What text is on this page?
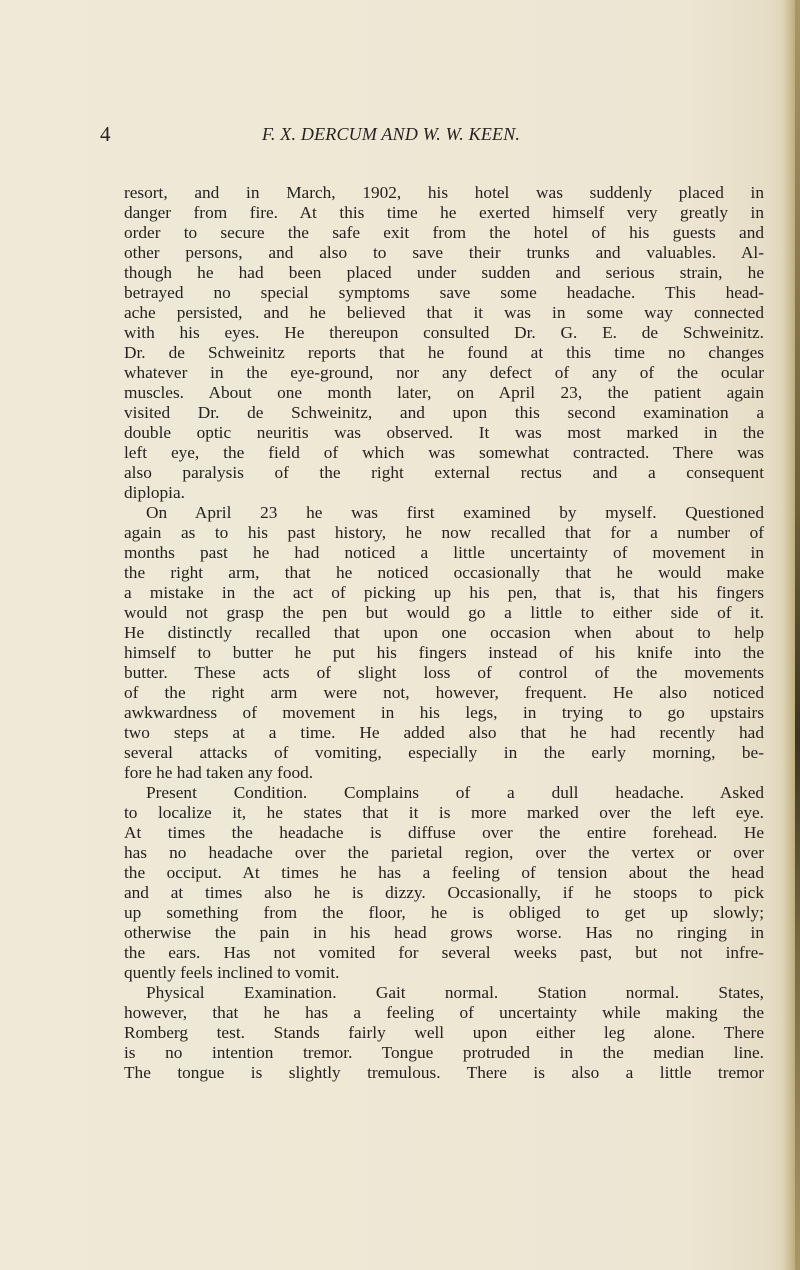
4	F. X. DERCUM AND W. W. KEEN.
resort, and in March, 1902, his hotel was suddenly placed in
danger from fire. At this time he exerted himself very greatly in
order to secure the safe exit from the hotel of his guests and
other persons, and also to save their trunks and valuables. Al-
though he had been placed under sudden and serious strain, he
betrayed no special symptoms save some headache. This head-
ache persisted, and he believed that it was in some way connected
with his eyes. He thereupon consulted Dr. G. E. de Schweinitz.
Dr. de Schweinitz reports that he found at this time no changes
whatever in the eye-ground, nor any defect of any of the ocular
muscles. About one month later, on April 23, the patient again
visited Dr. de Schweinitz, and upon this second examination a
double optic neuritis was observed. It was most marked in the
left eye, the field of which was somewhat contracted. There was
also paralysis of the right external rectus and a consequent
diplopia.
On April 23 he was first examined by myself. Questioned
again as to his past history, he now recalled that for a number of
months past he had noticed a little uncertainty of movement in
the right arm, that he noticed occasionally that he would make
a mistake in the act of picking up his pen, that is, that his fingers
would not grasp the pen but would go a little to either side of it.
He distinctly recalled that upon one occasion when about to help
himself to butter he put his fingers instead of his knife into the
butter. These acts of slight loss of control of the movements
of the right arm were not, however, frequent. He also noticed
awkwardness of movement in his legs, in trying to go upstairs
two steps at a time. He added also that he had recently had
several attacks of vomiting, especially in the early morning, be-
fore he had taken any food.
Present Condition. Complains of a dull headache. Asked
to localize it, he states that it is more marked over the left eye.
At times the headache is diffuse over the entire forehead. He
has no headache over the parietal region, over the vertex or over
the occiput. At times he has a feeling of tension about the head
and at times also he is dizzy. Occasionally, if he stoops to pick
up something from the floor, he is obliged to get up slowly;
otherwise the pain in his head grows worse. Has no ringing in
the ears. Has not vomited for several weeks past, but not infre-
quently feels inclined to vomit.
Physical Examination. Gait normal. Station normal. States,
however, that he has a feeling of uncertainty while making the
Romberg test. Stands fairly well upon either leg alone. There
is no intention tremor. Tongue protruded in the median line.
The tongue is slightly tremulous. There is also a little tremor
